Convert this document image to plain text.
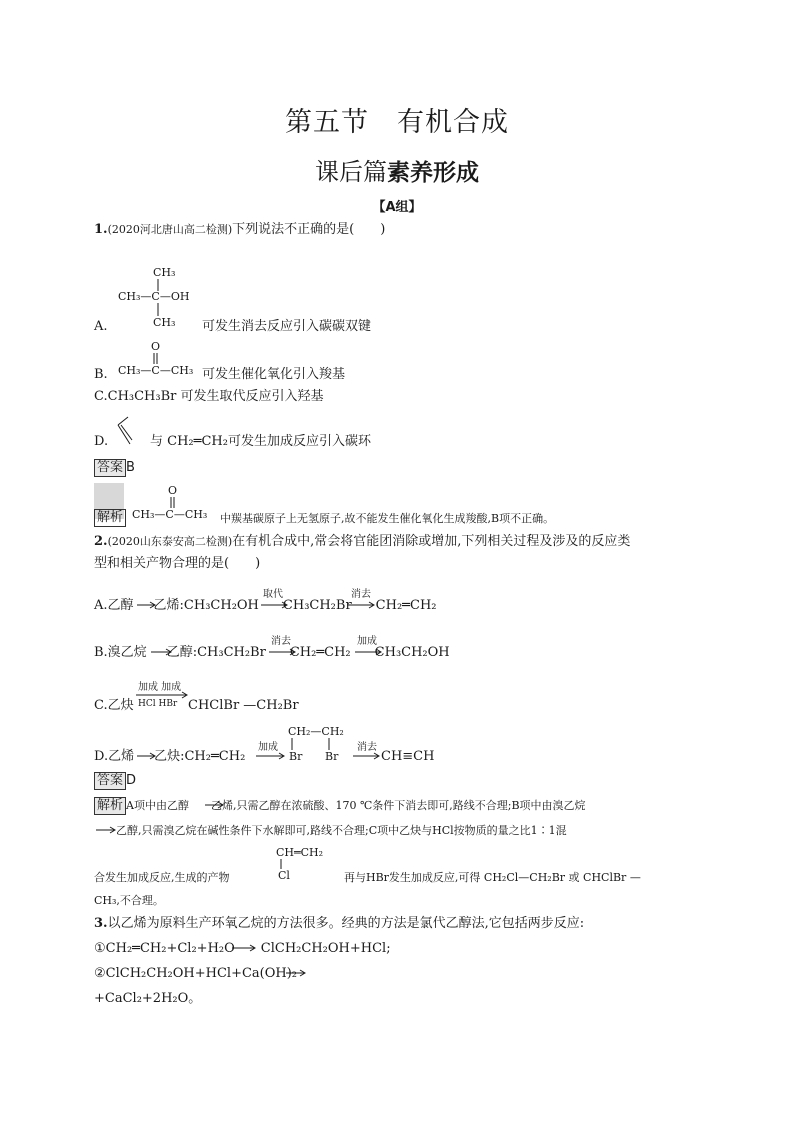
第五节　有机合成
课后篇素养形成
【A组】
1.(2020河北唐山高二检测)下列说法不正确的是(　　)
CH₃
CH₃—C—OH
CH₃
A.	可发生消去反应引入碳碳双键
O
CH₃—C—CH₃
B.	可发生催化氧化引入羧基
C.CH₃CH₃Br 可发生取代反应引入羟基
D.	与 CH₂═CH₂可发生加成反应引入碳环
答案 B
解析
O
CH₃—C—CH₃ 中羰基碳原子上无氢原子,故不能发生催化氧化生成羧酸,B项不正确。
2.(2020山东泰安高二检测)在有机合成中,常会将官能团消除或增加,下列相关过程及涉及的反应类
型和相关产物合理的是(　　)
A.乙醇 乙烯:CH₃CH₂OH CH₃CH₂Br CH₂═CH₂
取代	消去
B.溴乙烷 乙醇:CH₃CH₂Br CH₂═CH₂ CH₃CH₂OH
消去	加成
加成 加成
HCl HBr
C.乙炔	CHClBr —CH₂Br
D.乙烯 乙炔:CH₂═CH₂
加成
CH₂—CH₂
Br Br
消去
CH≡CH
答案 D
解析 A项中由乙醇 乙烯,只需乙醇在浓硫酸、170 ℃条件下消去即可,路线不合理;B项中由溴乙烷
乙醇,只需溴乙烷在碱性条件下水解即可,路线不合理;C项中乙炔与HCl按物质的量之比1∶1混
CH═CH₂
Cl
合发生加成反应,生成的产物	再与HBr发生加成反应,可得 CH₂Cl—CH₂Br 或 CHClBr —
CH₃,不合理。
3.以乙烯为原料生产环氧乙烷的方法很多。经典的方法是氯代乙醇法,它包括两步反应:
①CH₂═CH₂+Cl₂+H₂O ClCH₂CH₂OH+HCl;
②ClCH₂CH₂OH+HCl+Ca(OH)₂
+CaCl₂+2H₂O。
